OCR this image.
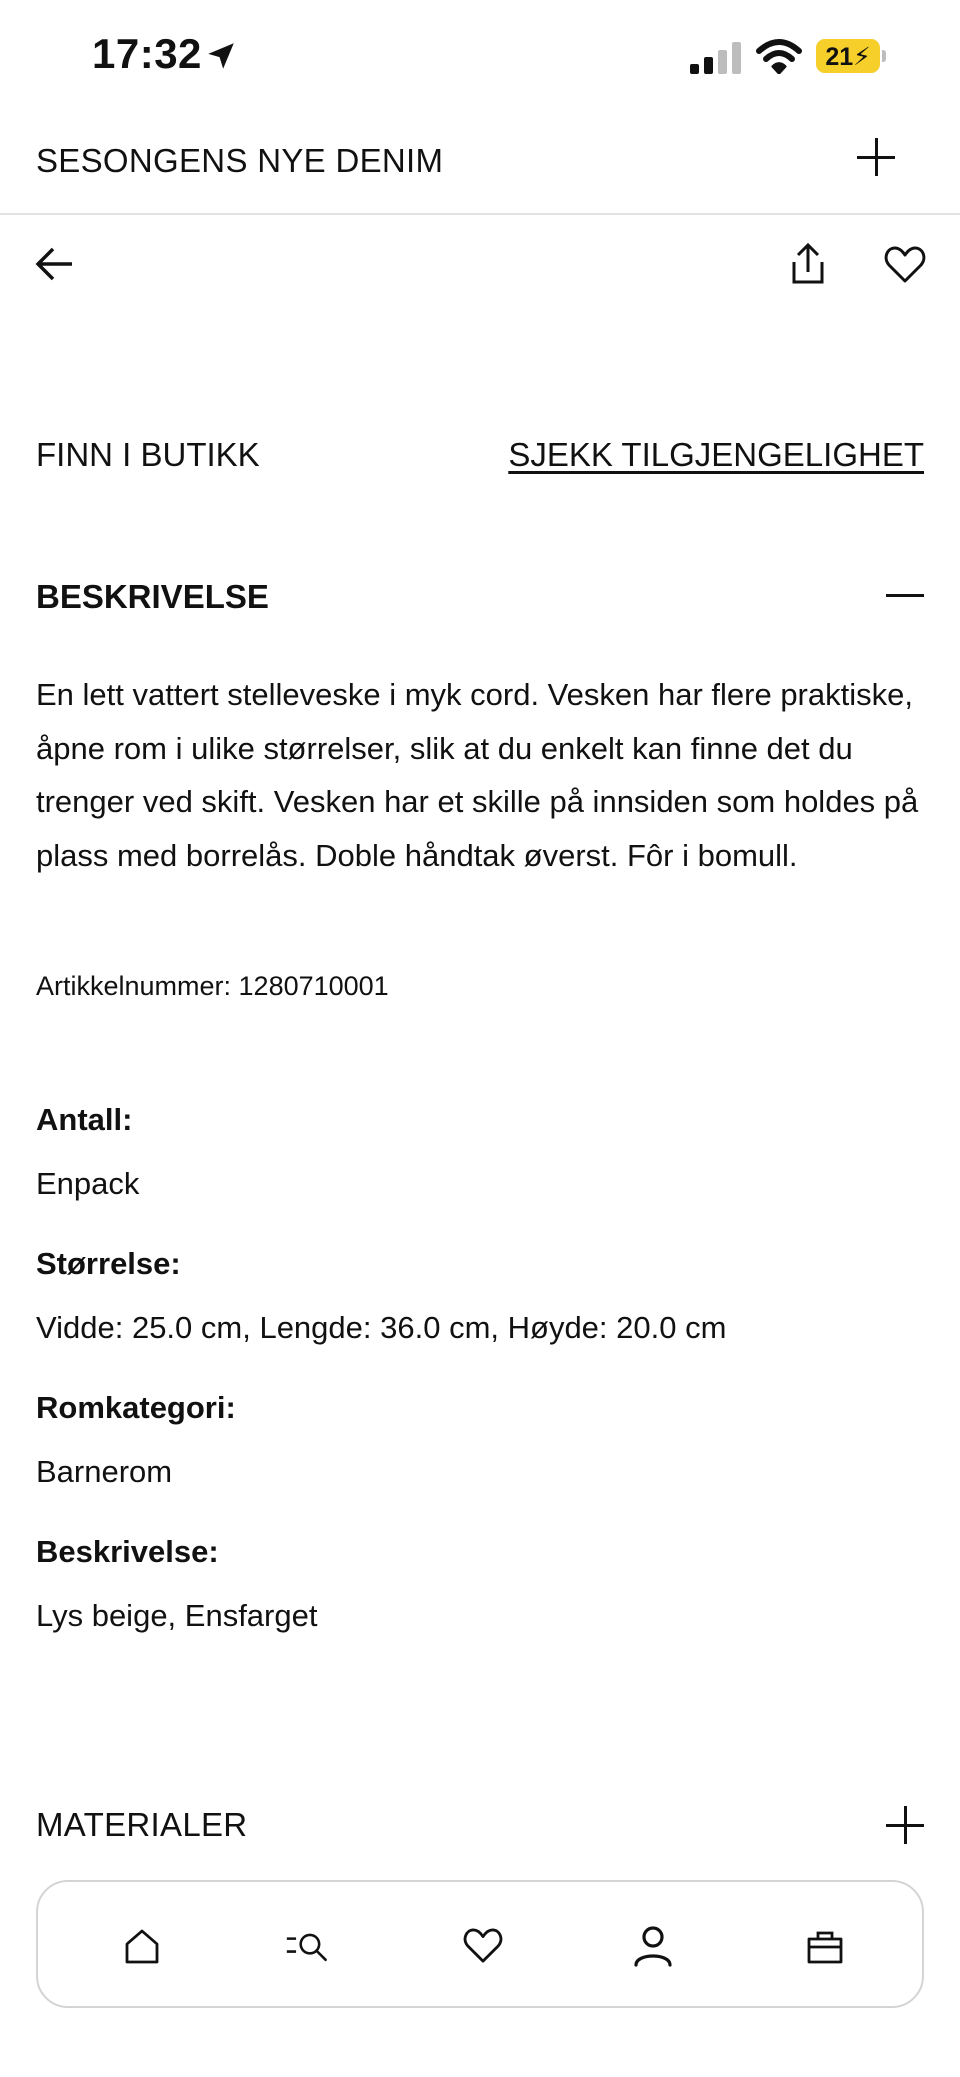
17:32	21⚡
SESONGENS NYE DENIM
FINN I BUTIKK	SJEKK TILGJENGELIGHET
BESKRIVELSE

En lett vattert stelleveske i myk cord. Vesken har flere praktiske, åpne rom i ulike størrelser, slik at du enkelt kan finne det du trenger ved skift. Vesken har et skille på innsiden som holdes på plass med borrelås. Doble håndtak øverst. Fôr i bomull.

Artikkelnummer: 1280710001
Antall:
Enpack
Størrelse:
Vidde: 25.0 cm, Lengde: 36.0 cm, Høyde: 20.0 cm
Romkategori:
Barnerom
Beskrivelse:
Lys beige, Ensfarget
MATERIALER
